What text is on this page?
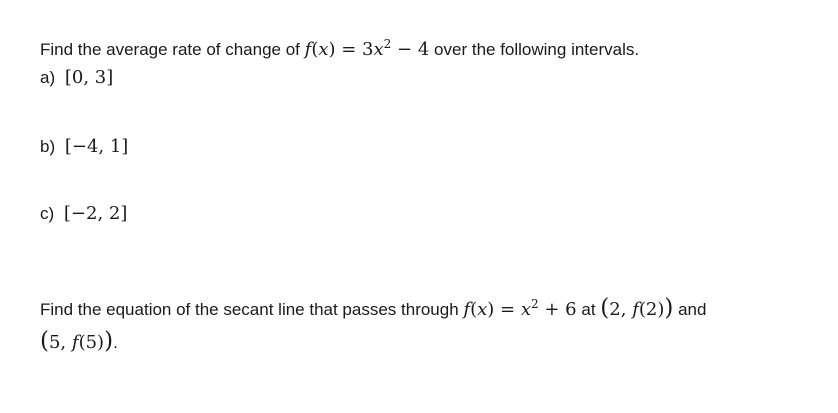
Find the average rate of change of $f(x) = 3x^2 - 4$ over the following intervals.
a) [0, 3]
b) [−4, 1]
c) [−2, 2]
Find the equation of the secant line that passes through $f(x) = x^2 + 6$ at (2, f(2)) and
(5, f(5)).
